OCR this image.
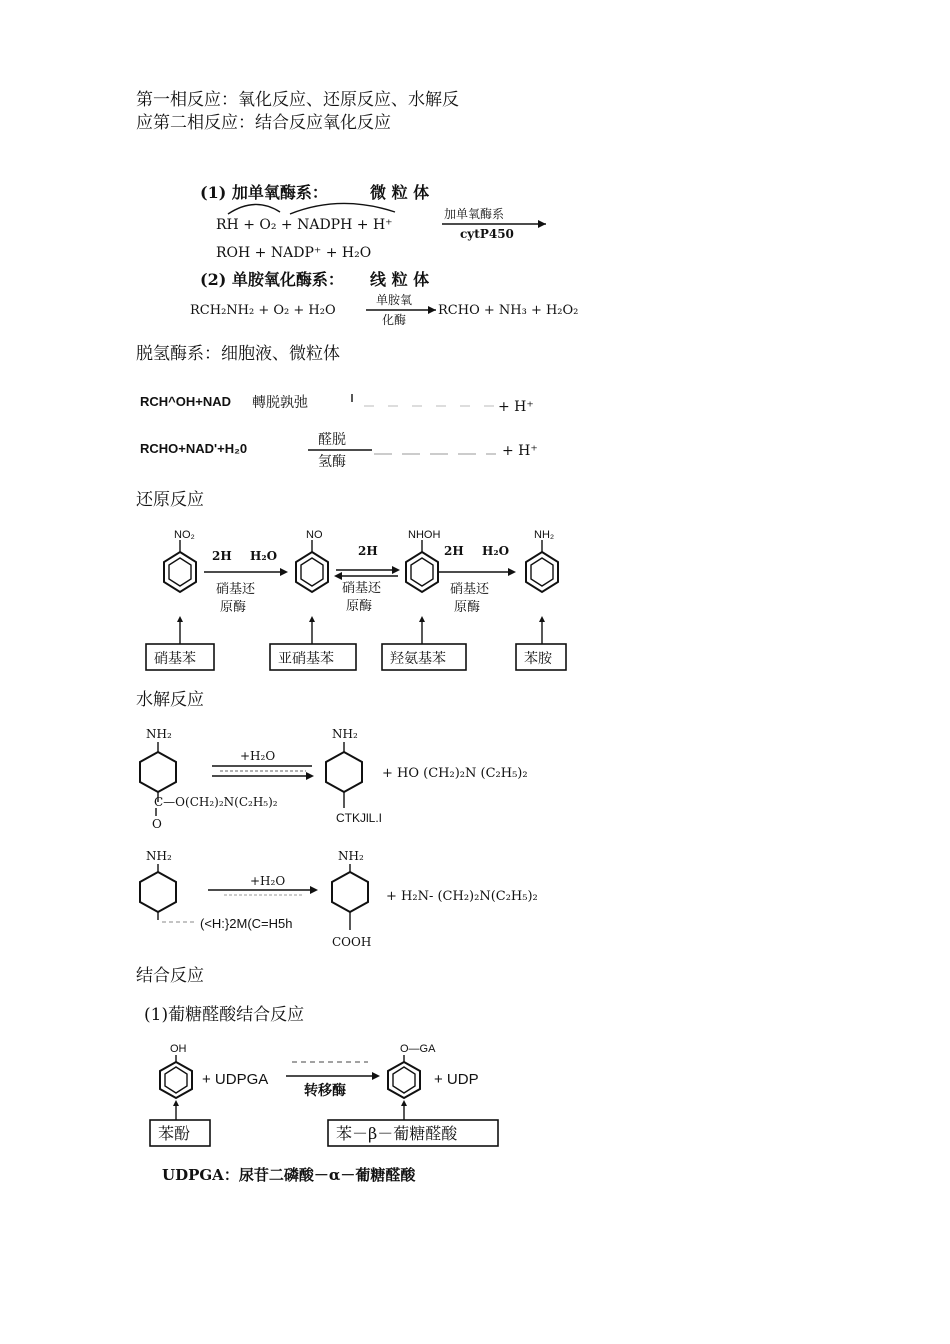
第一相反应：氧化反应、还原反应、水解反
应第二相反应：结合反应氧化反应
(1) 加单氧酶系：	微 粒 体
RH + O₂ + NADPH + H⁺
加单氧酶系
cytP450
ROH + NADP⁺ + H₂O
(2) 单胺氧化酶系： 线 粒 体
RCH₂NH₂ + O₂ + H₂O
单胺氧
化酶
RCHO + NH₃ + H₂O₂
脱氢酶系：细胞液、微粒体
RCH^OH+NAD 轉脱孰弛	+ H⁺
RCHO+NAD'+H₂0
醛脱
氢酶
+ H⁺
还原反应
NO₂	NO	NHOH	NH₂
2H H₂O
硝基还
原酶
2H
硝基还
原酶
2H H₂O
硝基还
原酶
硝基苯	亚硝基苯	羟氨基苯	苯胺
水解反应
NH₂
C—O(CH₂)₂N(C₂H₅)₂
O
+H₂O
NH₂
CTKJlL.I
+ HO (CH₂)₂N (C₂H₅)₂
NH₂
(<H:}2M(C=H5h
+H₂O
NH₂
COOH
+ H₂N- (CH₂)₂N(C₂H₅)₂
结合反应
(1)葡糖醛酸结合反应
OH
+ UDPGA
转移酶
O—GA
+ UDP
苯酚	苯－β－葡糖醛酸
UDPGA：尿苷二磷酸－α－葡糖醛酸
